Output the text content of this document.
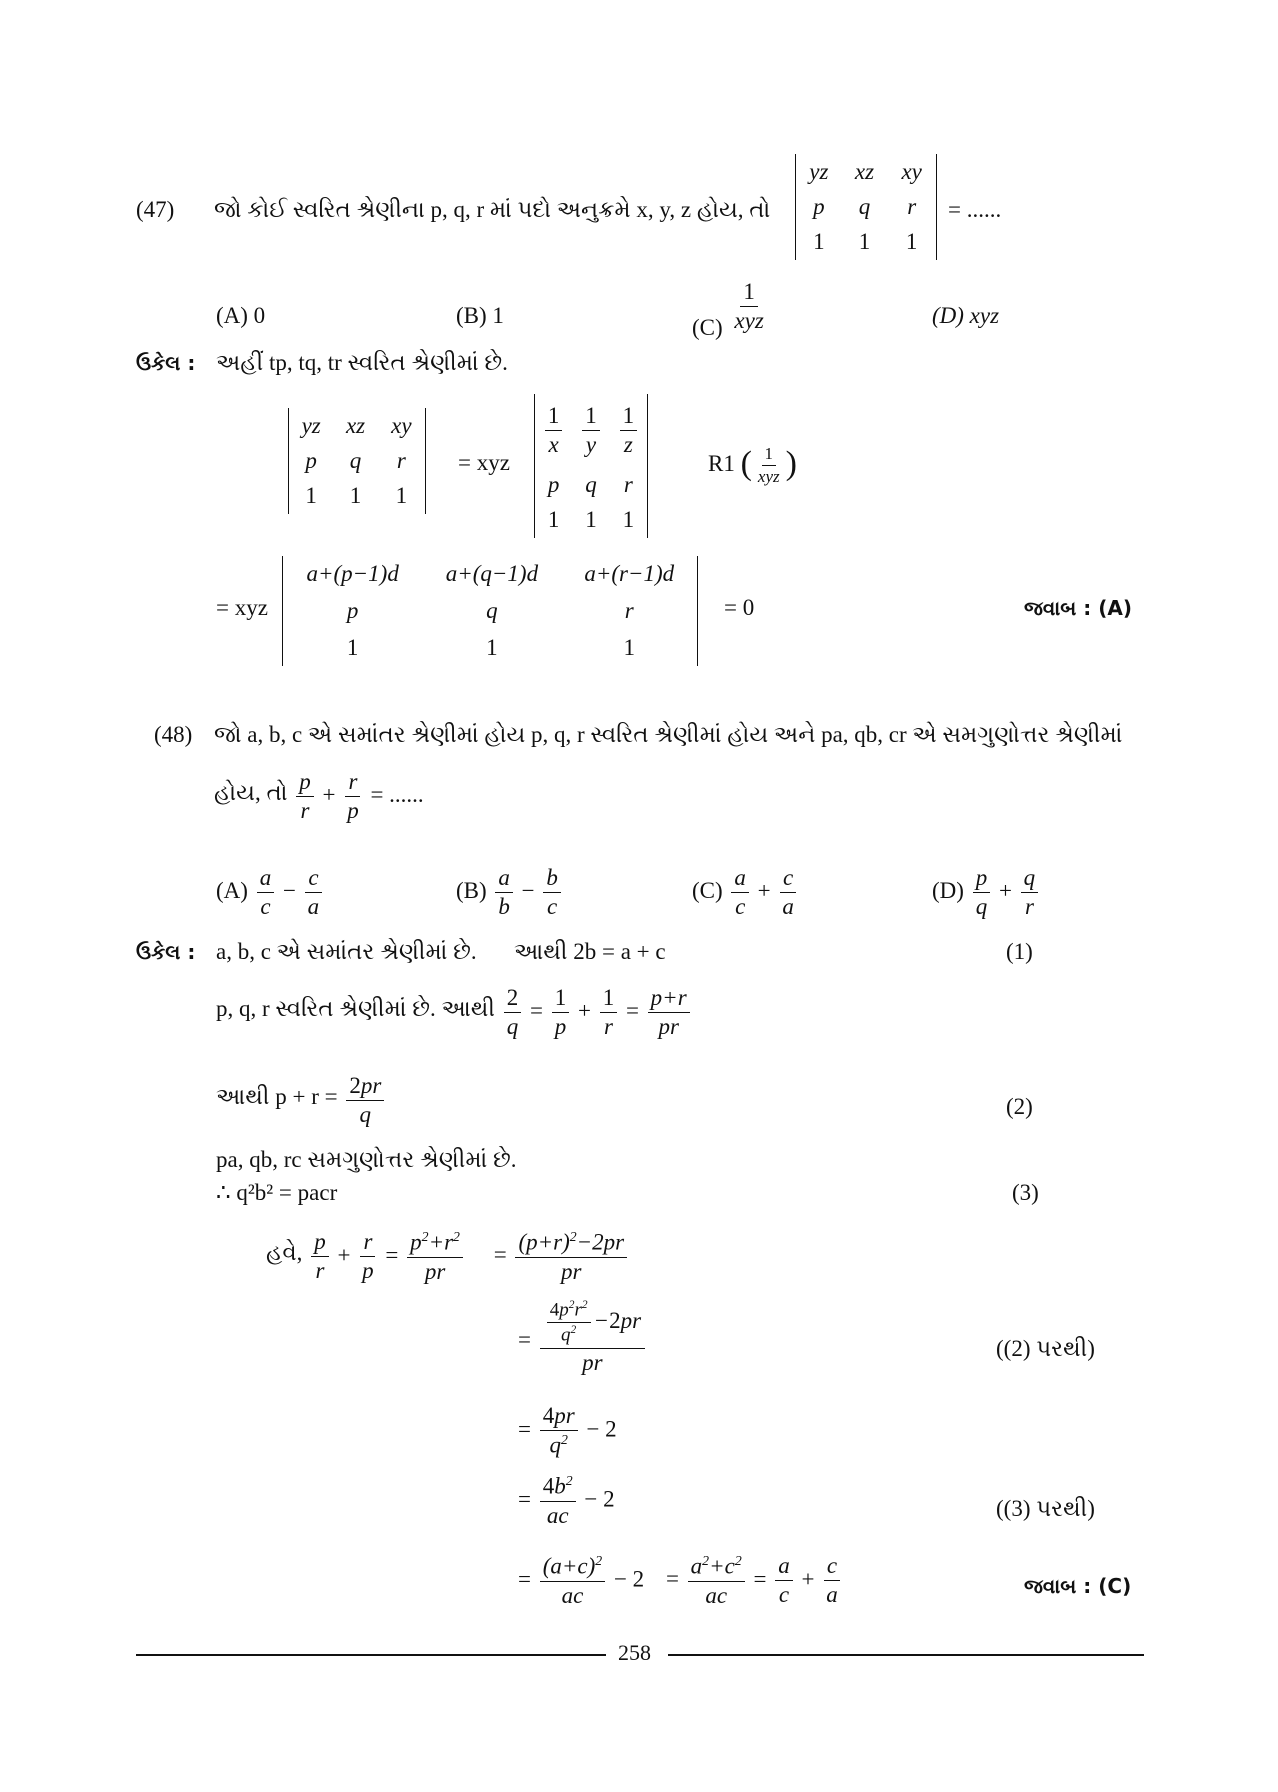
(47) જો કોઈ સ્વરિત શ્રેણીના p, q, r માં પદો અનુક્રમે x, y, z હોય, તો
yz	xz	xy
p	q	r
1	1	1
= ......
(A) 0	(B) 1	$(C) \frac{1}{\text{xyz}}$	(D) xyz
ઉકેલ : અહીં tp, tq, tr સ્વરિત શ્રેણીમાં છે.
yz	xz	xy
p	q	r
1	1	1
= xyz
$\frac{1}{x}$	$\frac{1}{y}$	$\frac{1}{z}$

p	q	r
1	1	1
R1 ( $\frac{1}{\text{xyz}}$ )
= xyz
a+(p−1)d	a+(q−1)d	a+(r−1)d
p	q	r
1	1	1
= 0	જવાબ : (A)
(48) જો a, b, c એ સમાંતર શ્રેણીમાં હોય p, q, r સ્વરિત શ્રેણીમાં હોય અને pa, qb, cr એ સમગુણોત્તર શ્રેણીમાં
હોય, તો $\frac{p}{r} + \frac{r}{p}$ = ......
$(A) \frac{a}{c} - \frac{c}{a}$	$(B) \frac{a}{b} - \frac{b}{c}$	$(C) \frac{a}{c} + \frac{c}{a}$	$(D) \frac{p}{q} + \frac{q}{r}$
ઉકેલ : a, b, c એ સમાંતર શ્રેણીમાં છે. આથી 2b = a + c	(1)
p, q, r સ્વરિત શ્રેણીમાં છે. આથી $\frac{2}{q} = \frac{1}{p} + \frac{1}{r} = \frac{p+r}{pr}$
આથી $p + r = \frac{2pr}{q}$	(2)
pa, qb, rc સમગુણોત્તર શ્રેણીમાં છે.
∴ q²b² = pacr	(3)
હવે, $\frac{p}{r} + \frac{r}{p} = \frac{p^2+r^2}{pr} = \frac{(p+r)^2-2pr}{pr}$
= $\frac{\frac{4p^2r^2}{q^2} -2pr}{pr}$	((2) પરથી)
= $\frac{4pr}{q^2} - 2$
= $\frac{4b^2}{ac} - 2$	((3) પરથી)
= $\frac{(a+c)^2}{ac} - 2 = \frac{a^2+c^2}{ac} = \frac{a}{c} + \frac{c}{a}$	જવાબ : (C)
258
